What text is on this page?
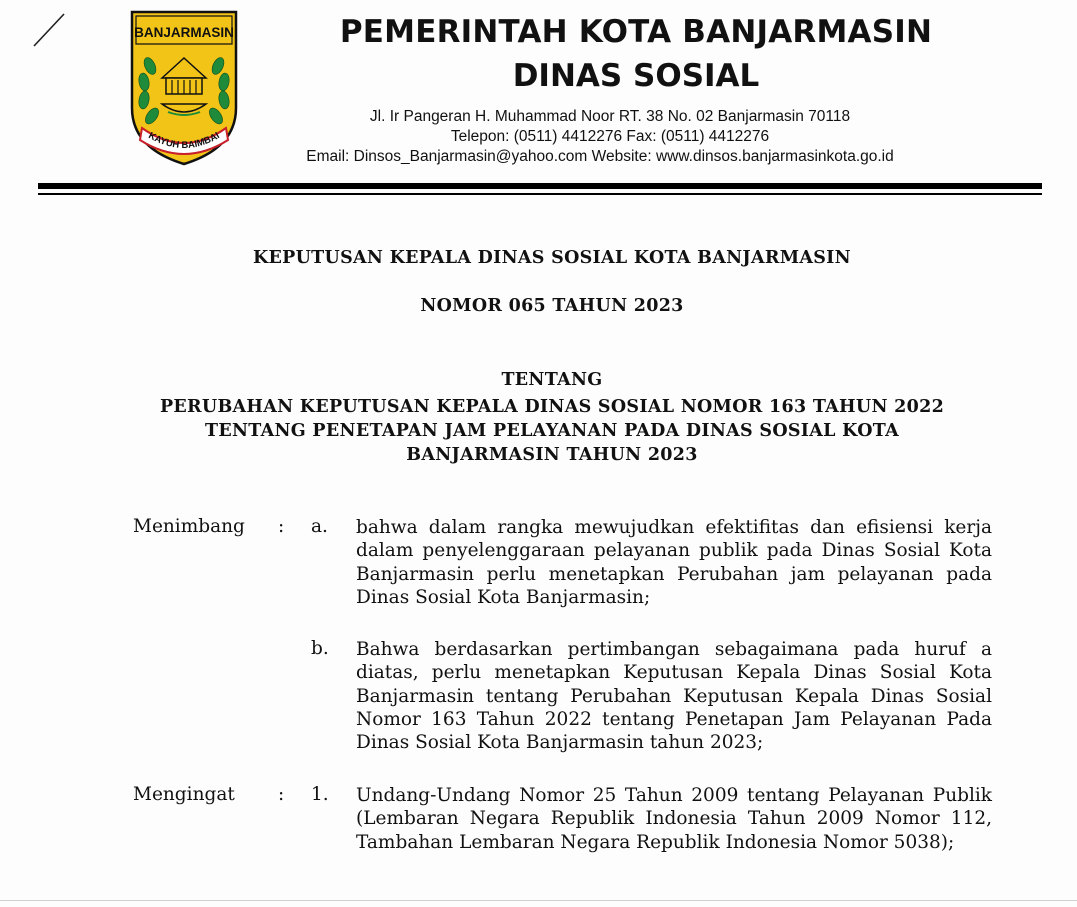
BANJARMASIN
KAYUH BAIMBAI
PEMERINTAH KOTA BANJARMASIN
DINAS SOSIAL
Jl. Ir Pangeran H. Muhammad Noor RT. 38 No. 02 Banjarmasin 70118
Telepon: (0511) 4412276 Fax: (0511) 4412276
Email: Dinsos_Banjarmasin@yahoo.com Website: www.dinsos.banjarmasinkota.go.id
KEPUTUSAN KEPALA DINAS SOSIAL KOTA BANJARMASIN
NOMOR 065 TAHUN 2023
TENTANG
PERUBAHAN KEPUTUSAN KEPALA DINAS SOSIAL NOMOR 163 TAHUN 2022
TENTANG PENETAPAN JAM PELAYANAN PADA DINAS SOSIAL KOTA
BANJARMASIN TAHUN 2023
Menimbang : a. bahwa dalam rangka mewujudkan efektifitas dan efisiensi kerja dalam penyelenggaraan pelayanan publik pada Dinas Sosial Kota Banjarmasin perlu menetapkan Perubahan jam pelayanan pada Dinas Sosial Kota Banjarmasin;
b. Bahwa berdasarkan pertimbangan sebagaimana pada huruf a diatas, perlu menetapkan Keputusan Kepala Dinas Sosial Kota Banjarmasin tentang Perubahan Keputusan Kepala Dinas Sosial Nomor 163 Tahun 2022 tentang Penetapan Jam Pelayanan Pada Dinas Sosial Kota Banjarmasin tahun 2023;
Mengingat : 1. Undang-Undang Nomor 25 Tahun 2009 tentang Pelayanan Publik (Lembaran Negara Republik Indonesia Tahun 2009 Nomor 112, Tambahan Lembaran Negara Republik Indonesia Nomor 5038);
